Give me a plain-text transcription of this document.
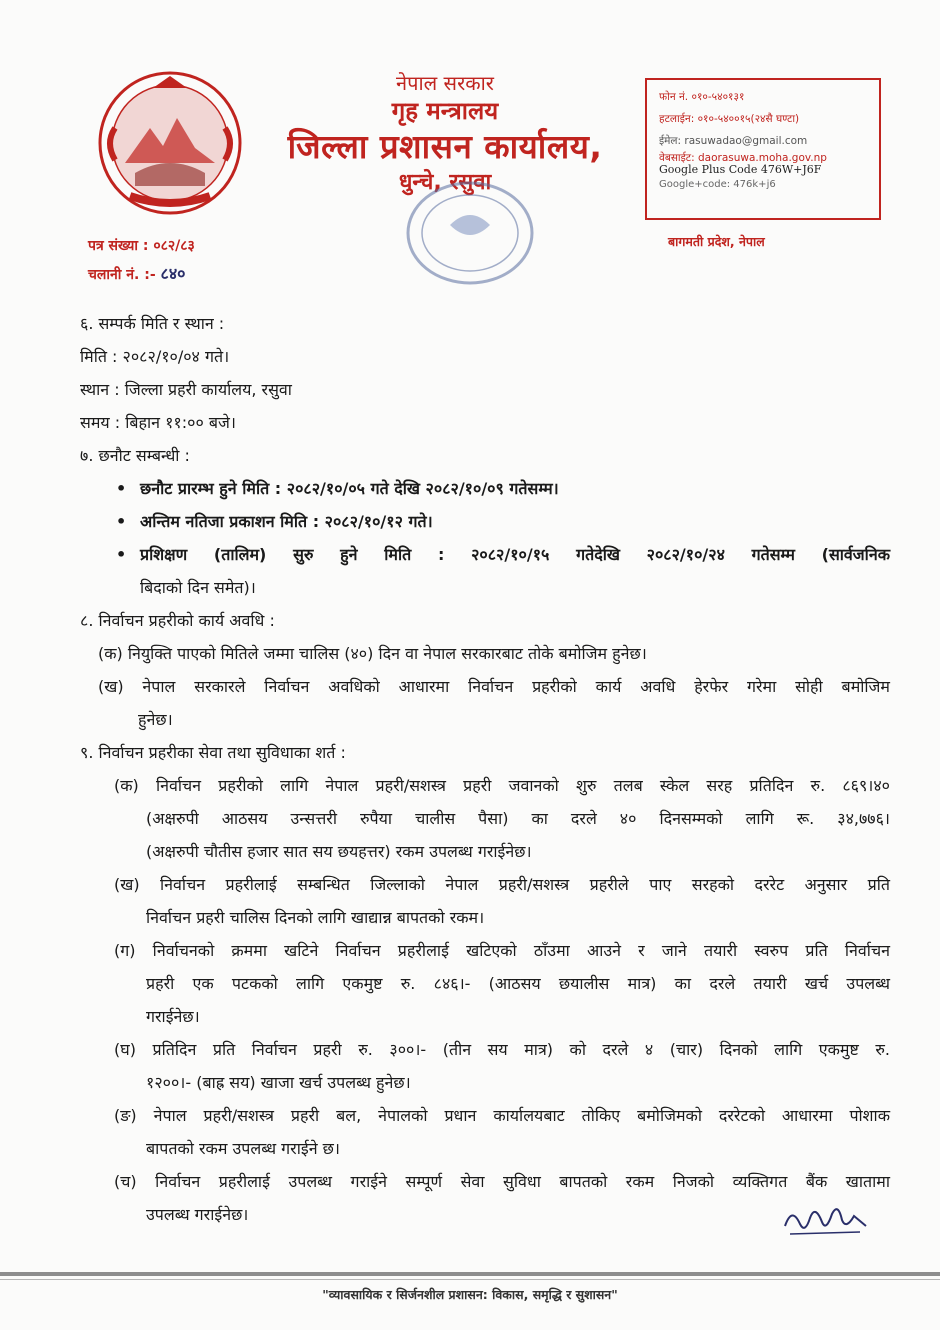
नेपाल सरकार
गृह मन्त्रालय
जिल्ला प्रशासन कार्यालय,
धुन्चे, रसुवा
फोन नं. ०१०-५४०१३१
हटलाईन: ०१०-५४००१५(२४सै घण्टा)
ईमेल: rasuwadao@gmail.com
वेबसाईट: daorasuwa.moha.gov.np
Google Plus Code 476W+J6F
Google+code: 476k+j6
बागमती प्रदेश, नेपाल
पत्र संख्या : ०८२/८३
चलानी नं. :- ८४०

६. सम्पर्क मिति र स्थान :

मिति : २०८२/१०/०४ गते।

स्थान : जिल्ला प्रहरी कार्यालय, रसुवा

समय : बिहान ११:०० बजे।

७. छनौट सम्बन्धी :

• छनौट प्रारम्भ हुने मिति : २०८२/१०/०५ गते देखि २०८२/१०/०९ गतेसम्म।

• अन्तिम नतिजा प्रकाशन मिति : २०८२/१०/१२ गते।

• प्रशिक्षण (तालिम) सुरु हुने मिति : २०८२/१०/१५ गतेदेखि २०८२/१०/२४ गतेसम्म (सार्वजनिक

बिदाको दिन समेत)।

८. निर्वाचन प्रहरीको कार्य अवधि :

(क) नियुक्ति पाएको मितिले जम्मा चालिस (४०) दिन वा नेपाल सरकारबाट तोके बमोजिम हुनेछ।

(ख) नेपाल सरकारले निर्वाचन अवधिको आधारमा निर्वाचन प्रहरीको कार्य अवधि हेरफेर गरेमा सोही बमोजिम

हुनेछ।

९. निर्वाचन प्रहरीका सेवा तथा सुविधाका शर्त :

(क) निर्वाचन प्रहरीको लागि नेपाल प्रहरी/सशस्त्र प्रहरी जवानको शुरु तलब स्केल सरह प्रतिदिन रु. ८६९।४०

(अक्षरुपी आठसय उन्सत्तरी रुपैया चालीस पैसा) का दरले ४० दिनसम्मको लागि रू. ३४,७७६।

(अक्षरुपी चौतीस हजार सात सय छयहत्तर) रकम उपलब्ध गराईनेछ।

(ख) निर्वाचन प्रहरीलाई सम्बन्धित जिल्लाको नेपाल प्रहरी/सशस्त्र प्रहरीले पाए सरहको दररेट अनुसार प्रति

निर्वाचन प्रहरी चालिस दिनको लागि खाद्यान्न बापतको रकम।

(ग) निर्वाचनको क्रममा खटिने निर्वाचन प्रहरीलाई खटिएको ठाँउमा आउने र जाने तयारी स्वरुप प्रति निर्वाचन

प्रहरी एक पटकको लागि एकमुष्ट रु. ८४६।- (आठसय छयालीस मात्र) का दरले तयारी खर्च उपलब्ध

गराईनेछ।

(घ) प्रतिदिन प्रति निर्वाचन प्रहरी रु. ३००।- (तीन सय मात्र) को दरले ४ (चार) दिनको लागि एकमुष्ट रु.

१२००।- (बाह्र सय) खाजा खर्च उपलब्ध हुनेछ।

(ङ) नेपाल प्रहरी/सशस्त्र प्रहरी बल, नेपालको प्रधान कार्यालयबाट तोकिए बमोजिमको दररेटको आधारमा पोशाक

बापतको रकम उपलब्ध गराईने छ।

(च) निर्वाचन प्रहरीलाई उपलब्ध गराईने सम्पूर्ण सेवा सुविधा बापतको रकम निजको व्यक्तिगत बैंक खातामा

उपलब्ध गराईनेछ।

"व्यावसायिक र सिर्जनशील प्रशासन: विकास, समृद्धि र सुशासन"
